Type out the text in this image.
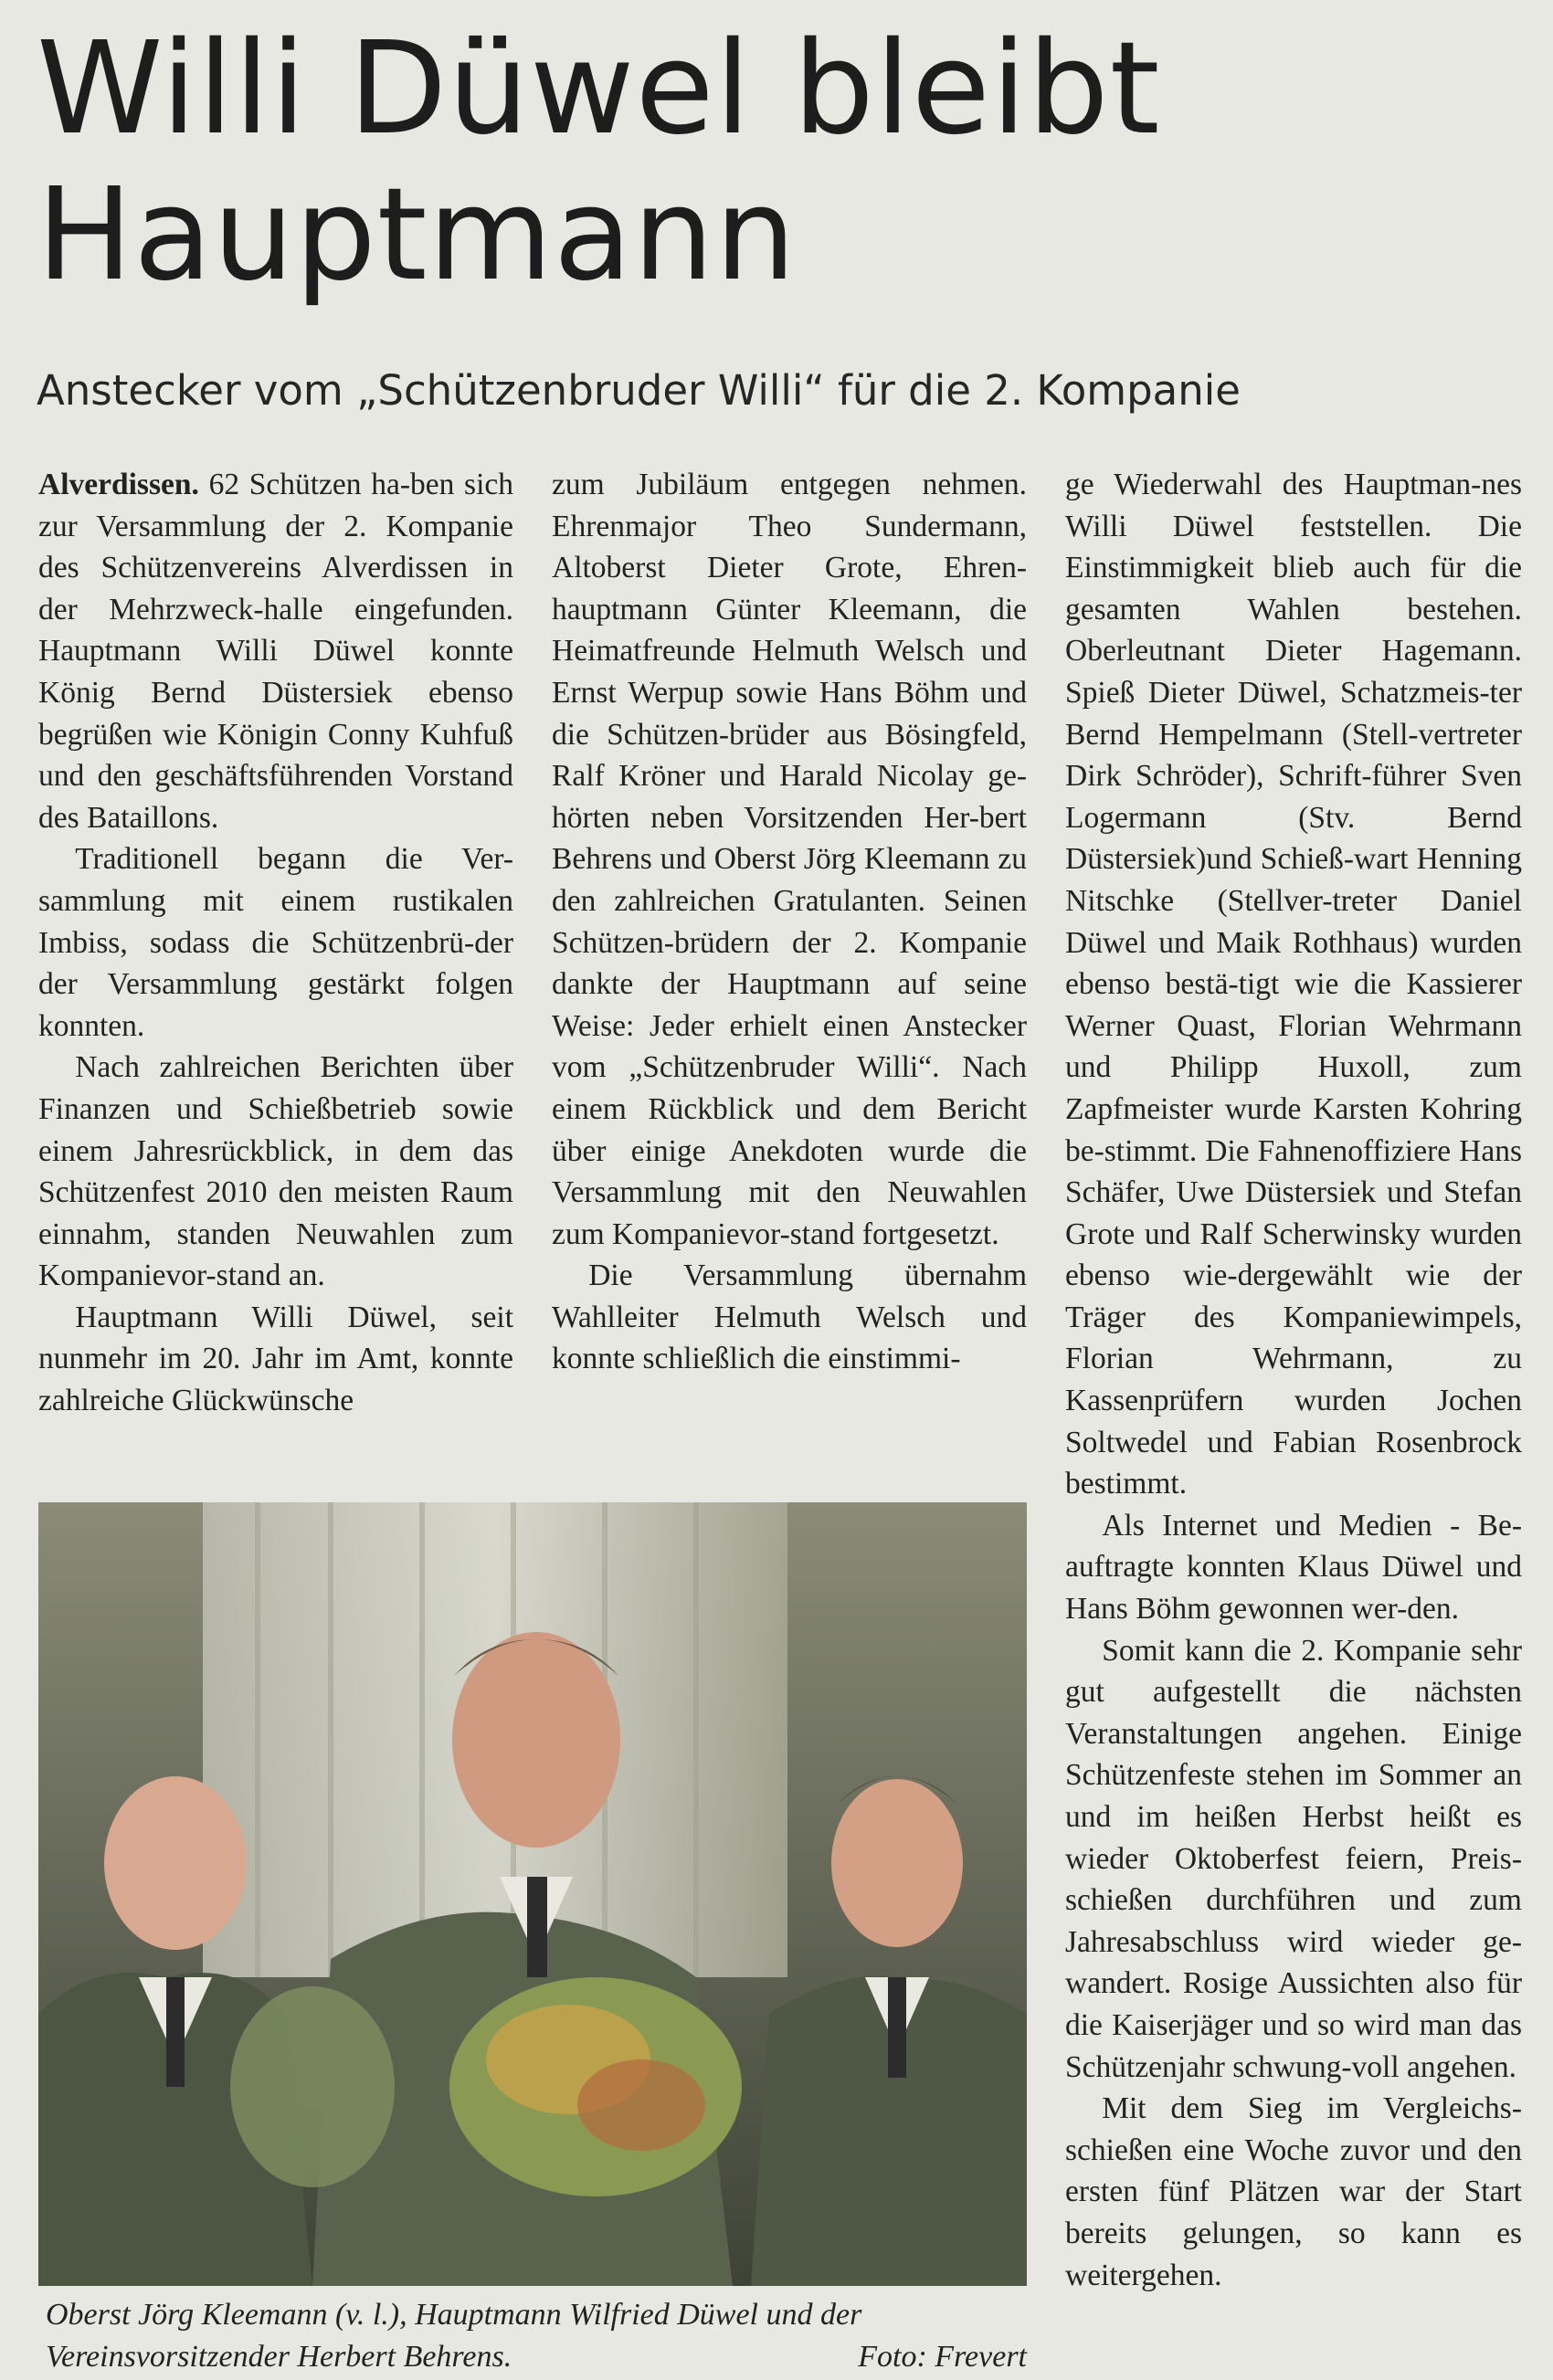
Willi Düwel bleibt
Hauptmann
Anstecker vom „Schützenbruder Willi“ für die 2. Kompanie

Alverdissen. 62 Schützen ha-ben sich zur Versammlung der 2. Kompanie des Schützenvereins Alverdissen in der Mehrzweck-halle eingefunden. Hauptmann Willi Düwel konnte König Bernd Düstersiek ebenso begrüßen wie Königin Conny Kuhfuß und den geschäftsführenden Vorstand des Bataillons.

Traditionell begann die Ver-sammlung mit einem rustikalen Imbiss, sodass die Schützenbrü-der der Versammlung gestärkt folgen konnten.

Nach zahlreichen Berichten über Finanzen und Schießbetrieb sowie einem Jahresrückblick, in dem das Schützenfest 2010 den meisten Raum einnahm, standen Neuwahlen zum Kompanievor-stand an.

Hauptmann Willi Düwel, seit nunmehr im 20. Jahr im Amt, konnte zahlreiche Glückwünsche

zum Jubiläum entgegen nehmen. Ehrenmajor Theo Sundermann, Altoberst Dieter Grote, Ehren-hauptmann Günter Kleemann, die Heimatfreunde Helmuth Welsch und Ernst Werpup sowie Hans Böhm und die Schützen-brüder aus Bösingfeld, Ralf Kröner und Harald Nicolay ge-hörten neben Vorsitzenden Her-bert Behrens und Oberst Jörg Kleemann zu den zahlreichen Gratulanten. Seinen Schützen-brüdern der 2. Kompanie dankte der Hauptmann auf seine Weise: Jeder erhielt einen Anstecker vom „Schützenbruder Willi“. Nach einem Rückblick und dem Bericht über einige Anekdoten wurde die Versammlung mit den Neuwahlen zum Kompanievor-stand fortgesetzt.

Die Versammlung übernahm Wahlleiter Helmuth Welsch und konnte schließlich die einstimmi-

ge Wiederwahl des Hauptman-nes Willi Düwel feststellen. Die Einstimmigkeit blieb auch für die gesamten Wahlen bestehen. Oberleutnant Dieter Hagemann. Spieß Dieter Düwel, Schatzmeis-ter Bernd Hempelmann (Stell-vertreter Dirk Schröder), Schrift-führer Sven Logermann (Stv. Bernd Düstersiek)und Schieß-wart Henning Nitschke (Stellver-treter Daniel Düwel und Maik Rothhaus) wurden ebenso bestä-tigt wie die Kassierer Werner Quast, Florian Wehrmann und Philipp Huxoll, zum Zapfmeister wurde Karsten Kohring be-stimmt. Die Fahnenoffiziere Hans Schäfer, Uwe Düstersiek und Stefan Grote und Ralf Scherwinsky wurden ebenso wie-dergewählt wie der Träger des Kompaniewimpels, Florian Wehrmann, zu Kassenprüfern wurden Jochen Soltwedel und Fabian Rosenbrock bestimmt.

Als Internet und Medien - Be-auftragte konnten Klaus Düwel und Hans Böhm gewonnen wer-den.

Somit kann die 2. Kompanie sehr gut aufgestellt die nächsten Veranstaltungen angehen. Einige Schützenfeste stehen im Sommer an und im heißen Herbst heißt es wieder Oktoberfest feiern, Preis-schießen durchführen und zum Jahresabschluss wird wieder ge-wandert. Rosige Aussichten also für die Kaiserjäger und so wird man das Schützenjahr schwung-voll angehen.

Mit dem Sieg im Vergleichs-schießen eine Woche zuvor und den ersten fünf Plätzen war der Start bereits gelungen, so kann es weitergehen.

Oberst Jörg Kleemann (v. l.), Hauptmann Wilfried Düwel und der Vereinsvorsitzender Herbert Behrens.	Foto: Frevert
